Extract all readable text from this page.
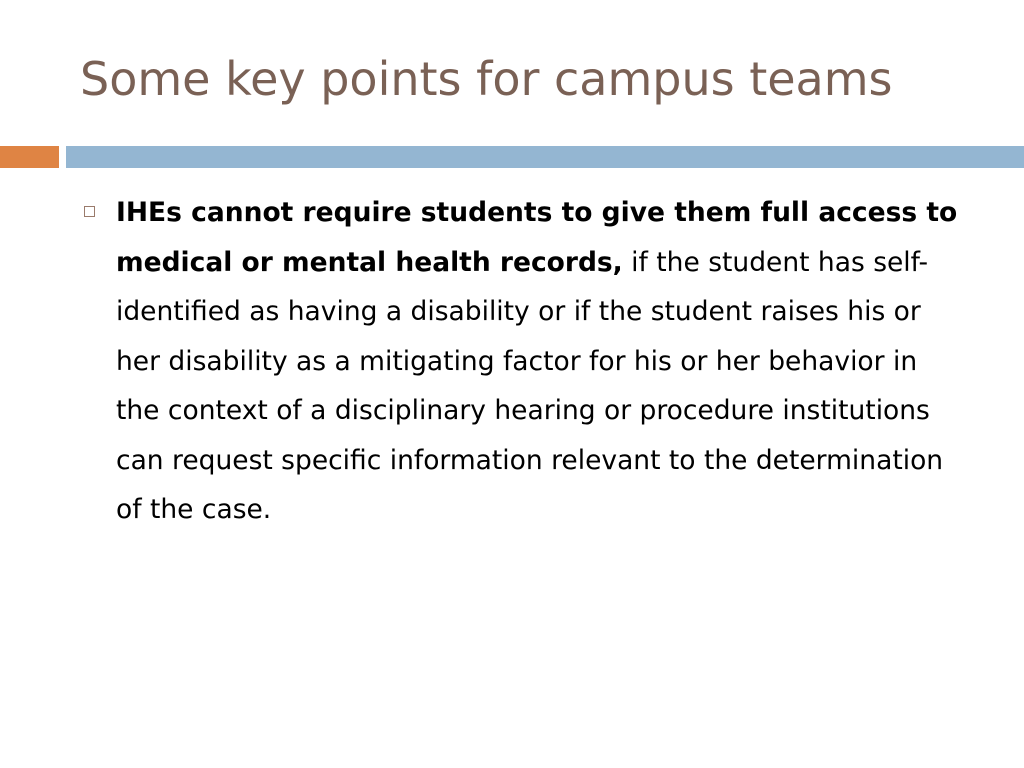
Some key points for campus teams
IHEs cannot require students to give them full access to medical or mental health records, if the student has self-identified as having a disability or if the student raises his or her disability as a mitigating factor for his or her behavior in the context of a disciplinary hearing or procedure institutions can request specific information relevant to the determination of the case.
